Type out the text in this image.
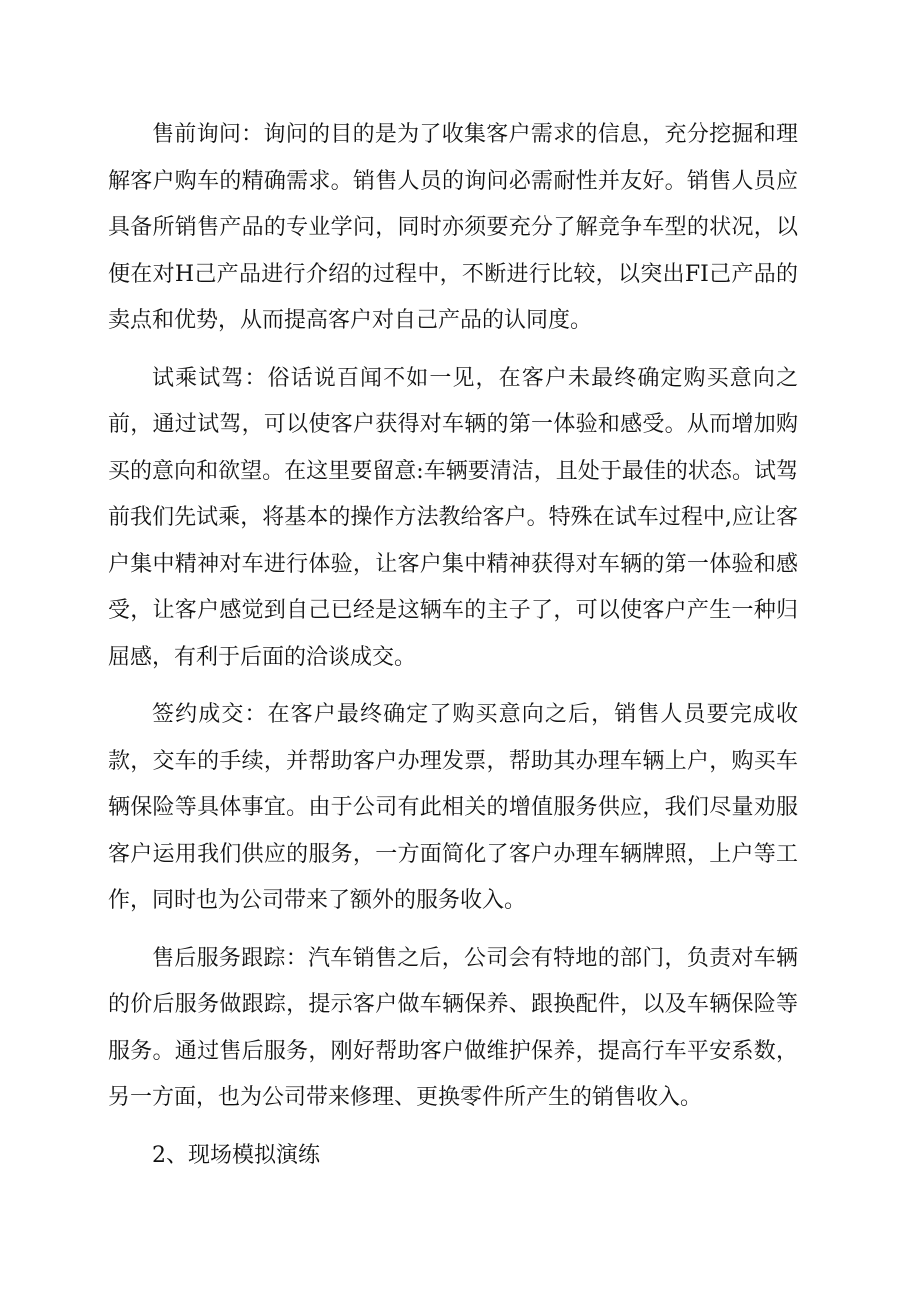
售前询问：询问的目的是为了收集客户需求的信息，充分挖掘和理解客户购车的精确需求。销售人员的询问必需耐性并友好。销售人员应具备所销售产品的专业学问，同时亦须要充分了解竞争车型的状况，以便在对H己产品进行介绍的过程中，不断进行比较，以突出FI己产品的卖点和优势，从而提高客户对自己产品的认同度。

试乘试驾：俗话说百闻不如一见，在客户未最终确定购买意向之前，通过试驾，可以使客户获得对车辆的第一体验和感受。从而增加购买的意向和欲望。在这里要留意:车辆要清洁，且处于最佳的状态。试驾前我们先试乘，将基本的操作方法教给客户。特殊在试车过程中,应让客户集中精神对车进行体验，让客户集中精神获得对车辆的第一体验和感受，让客户感觉到自己已经是这辆车的主子了，可以使客户产生一种归屈感，有利于后面的洽谈成交。

签约成交：在客户最终确定了购买意向之后，销售人员要完成收款，交车的手续，并帮助客户办理发票，帮助其办理车辆上户，购买车辆保险等具体事宜。由于公司有此相关的增值服务供应，我们尽量劝服客户运用我们供应的服务，一方面简化了客户办理车辆牌照，上户等工作，同时也为公司带来了额外的服务收入。

售后服务跟踪：汽车销售之后，公司会有特地的部门，负责对车辆的价后服务做跟踪，提示客户做车辆保养、跟换配件，以及车辆保险等服务。通过售后服务，刚好帮助客户做维护保养，提高行车平安系数，另一方面，也为公司带来修理、更换零件所产生的销售收入。

2、现场模拟演练
